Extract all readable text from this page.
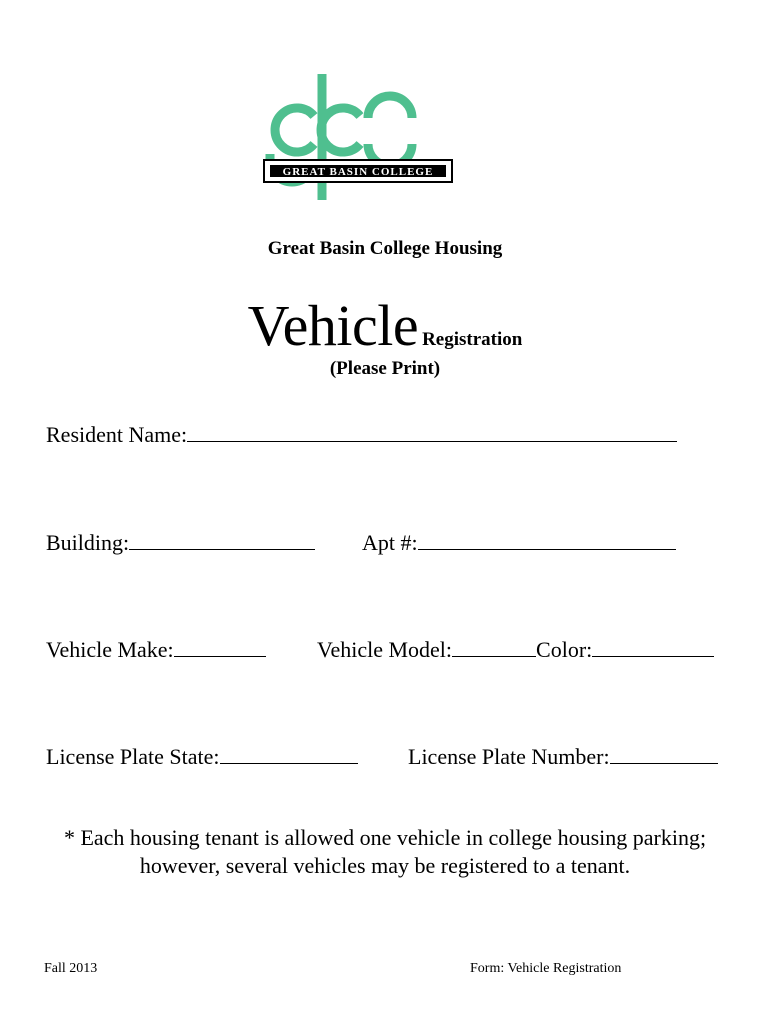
GREAT BASIN COLLEGE
Great Basin College Housing
Vehicle Registration
(Please Print)
Resident Name:
Building:	Apt #:
Vehicle Make:	Vehicle Model:	Color:
License Plate State:	License Plate Number:
* Each housing tenant is allowed one vehicle in college housing parking;
however, several vehicles may be registered to a tenant.
Fall 2013	Form: Vehicle Registration
